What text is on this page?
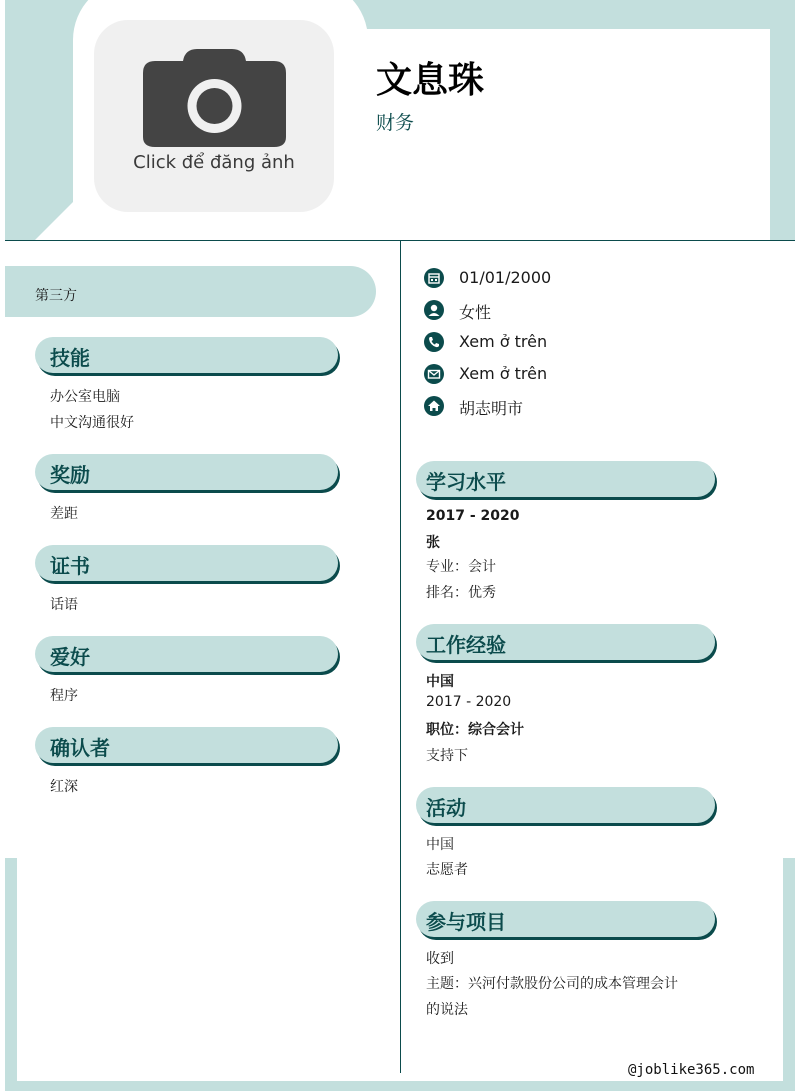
Click để đăng ảnh
文息珠
财务
第三方
技能
办公室电脑
中文沟通很好
奖励
差距
证书
话语
爱好
程序
确认者
红深
01/01/2000
女性
Xem ở trên
Xem ở trên
胡志明市
学习水平
2017 - 2020
张
专业：会计
排名：优秀
工作经验
中国
2017 - 2020
职位：综合会计
支持下
活动
中国
志愿者
参与项目
收到
主题：兴河付款股份公司的成本管理会计
的说法
@joblike365.com
